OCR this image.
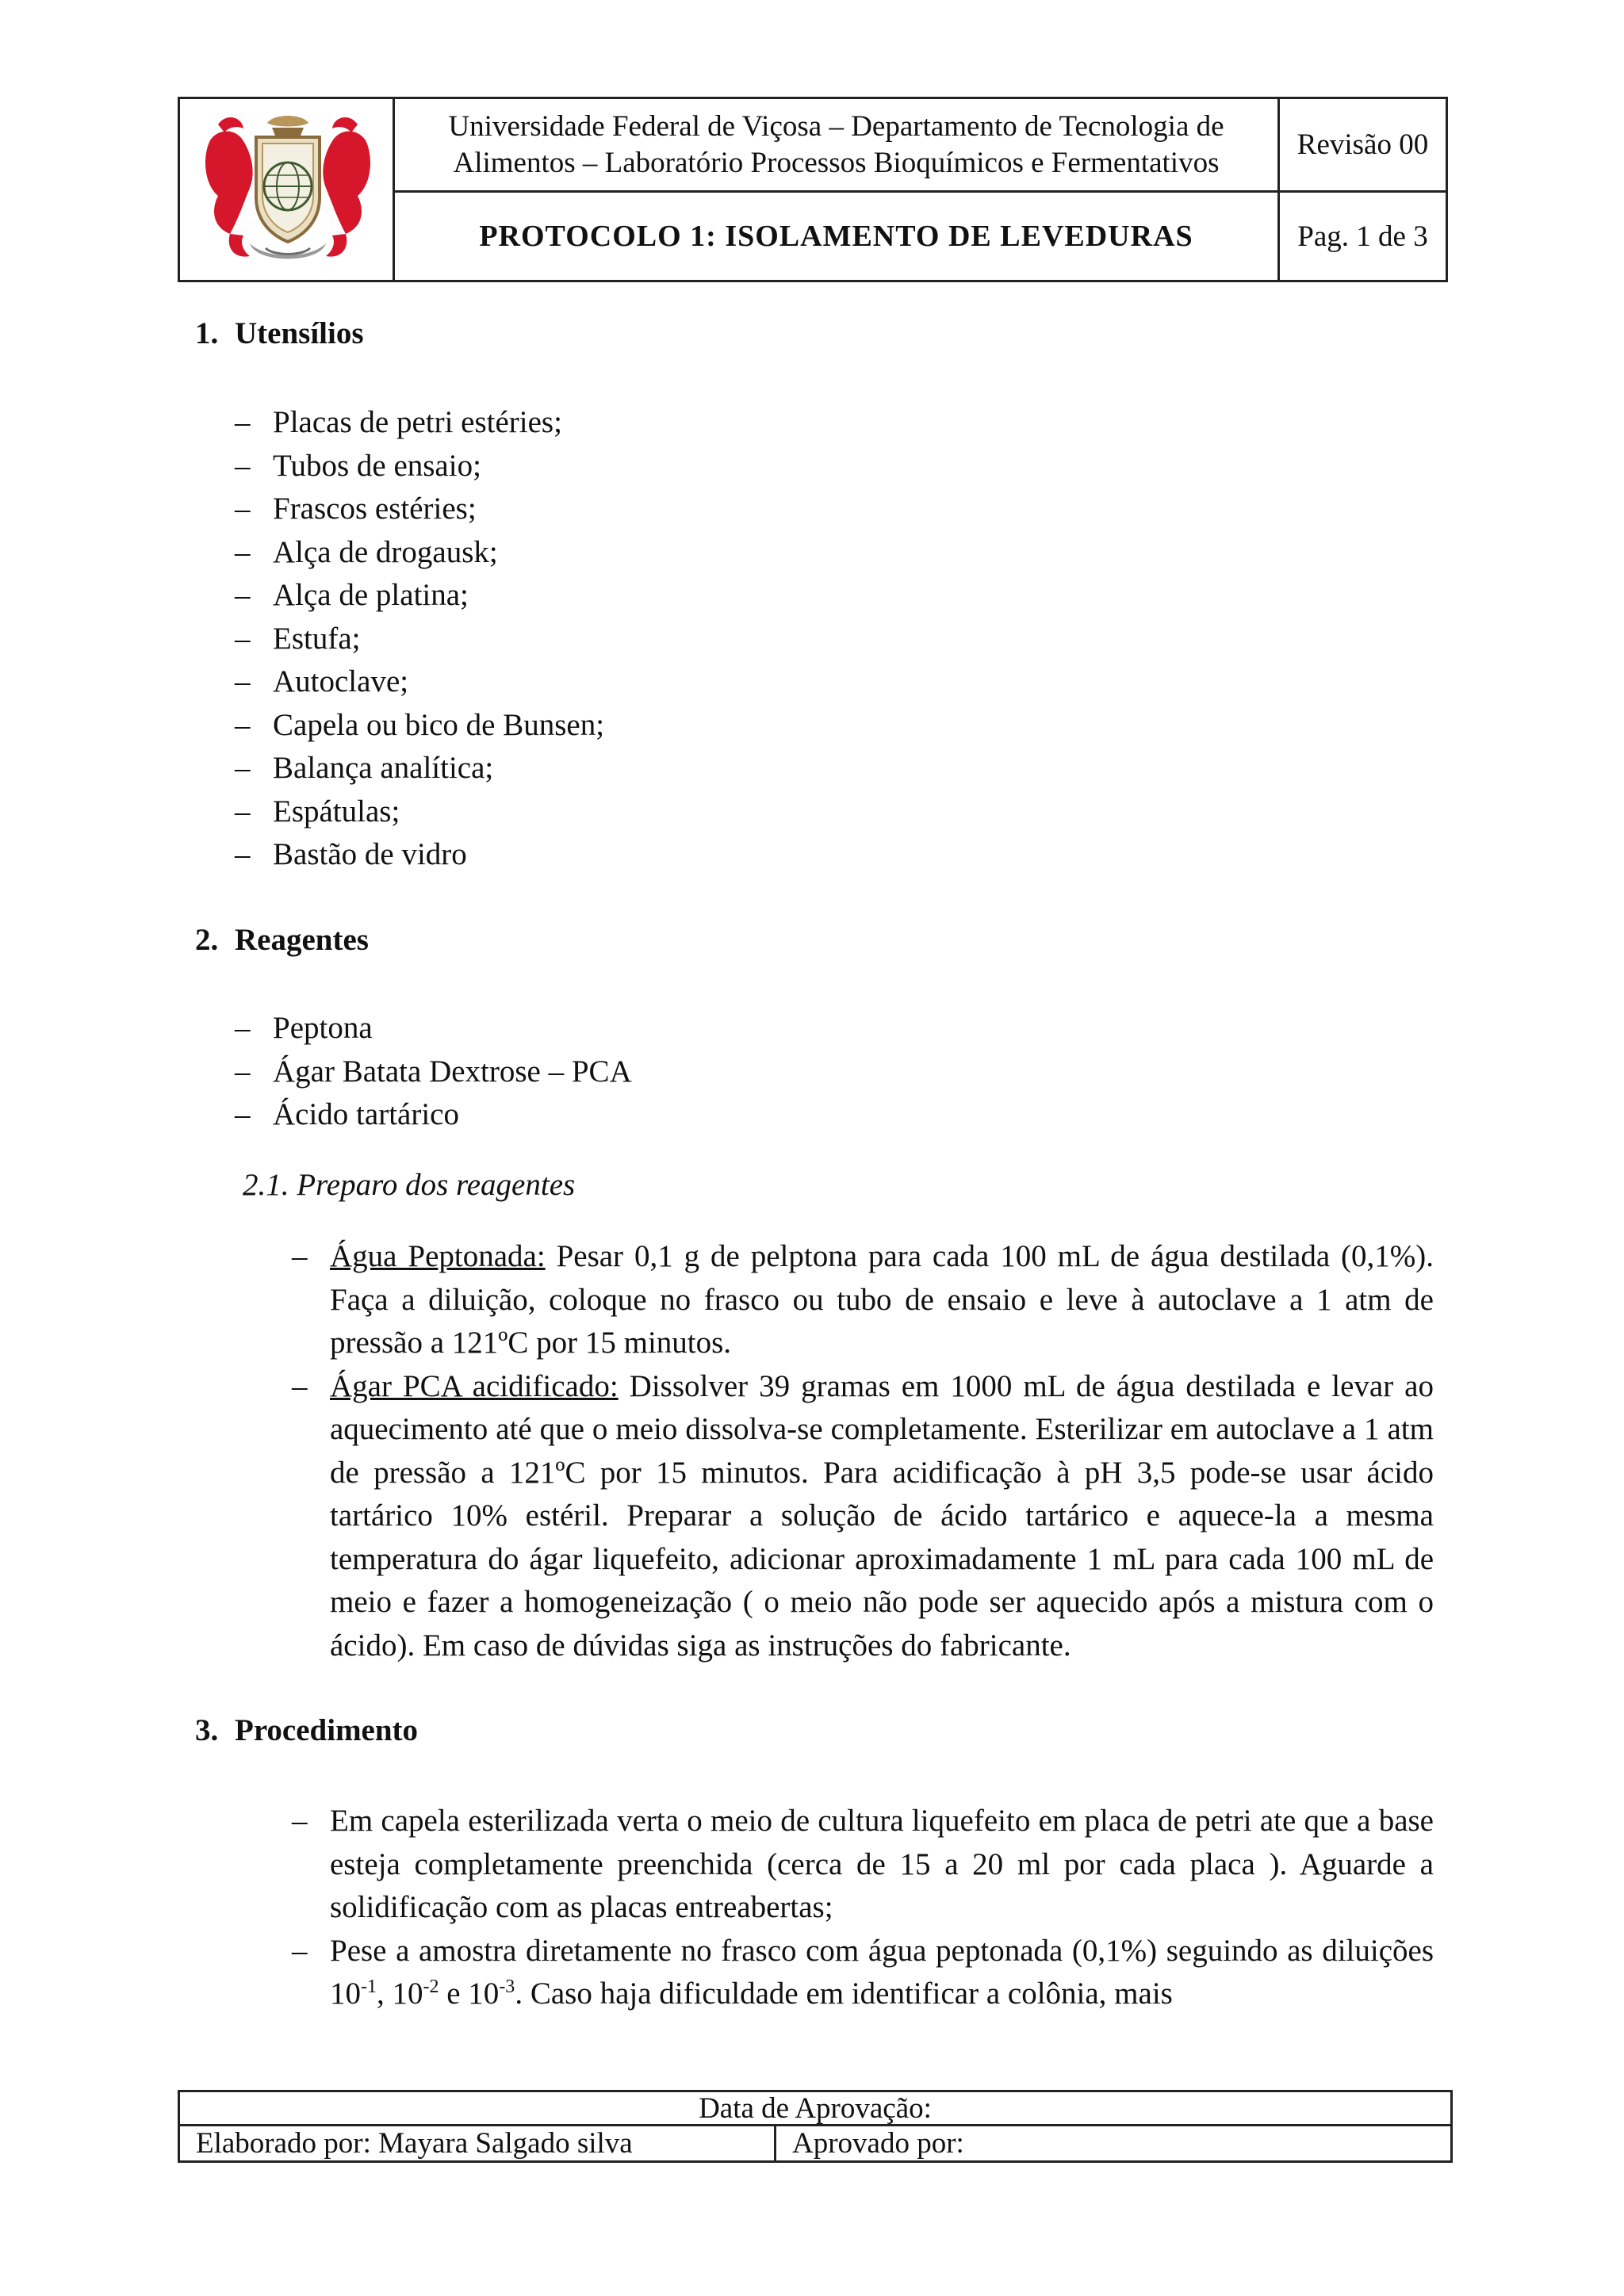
Universidade Federal de Viçosa – Departamento de Tecnologia de
Alimentos – Laboratório Processos Bioquímicos e Fermentativos
Revisão 00
PROTOCOLO 1: ISOLAMENTO DE LEVEDURAS	Pag. 1 de 3
1. Utensílios
– Placas de petri estéries;
– Tubos de ensaio;
– Frascos estéries;
– Alça de drogausk;
– Alça de platina;
– Estufa;
– Autoclave;
– Capela ou bico de Bunsen;
– Balança analítica;
– Espátulas;
– Bastão de vidro
2. Reagentes
– Peptona
– Ágar Batata Dextrose – PCA
– Ácido tartárico
2.1. Preparo dos reagentes
– Água Peptonada: Pesar 0,1 g de pelptona para cada 100 mL de água destilada (0,1%). Faça a diluição, coloque no frasco ou tubo de ensaio e leve à autoclave a 1 atm de pressão a 121ºC por 15 minutos.
– Ágar PCA acidificado: Dissolver 39 gramas em 1000 mL de água destilada e levar ao aquecimento até que o meio dissolva-se completamente. Esterilizar em autoclave a 1 atm de pressão a 121ºC por 15 minutos. Para acidificação à pH 3,5 pode-se usar ácido tartárico 10% estéril. Preparar a solução de ácido tartárico e aquece-la a mesma temperatura do ágar liquefeito, adicionar aproximadamente 1 mL para cada 100 mL de meio e fazer a homogeneização ( o meio não pode ser aquecido após a mistura com o ácido). Em caso de dúvidas siga as instruções do fabricante.
3. Procedimento
– Em capela esterilizada verta o meio de cultura liquefeito em placa de petri ate que a base esteja completamente preenchida (cerca de 15 a 20 ml por cada placa ). Aguarde a solidificação com as placas entreabertas;
– Pese a amostra diretamente no frasco com água peptonada (0,1%) seguindo as diluições $10^{-1}$, $10^{-2}$ e $10^{-3}$. Caso haja dificuldade em identificar a colônia, mais
Data de Aprovação:
Elaborado por: Mayara Salgado silva	Aprovado por:
